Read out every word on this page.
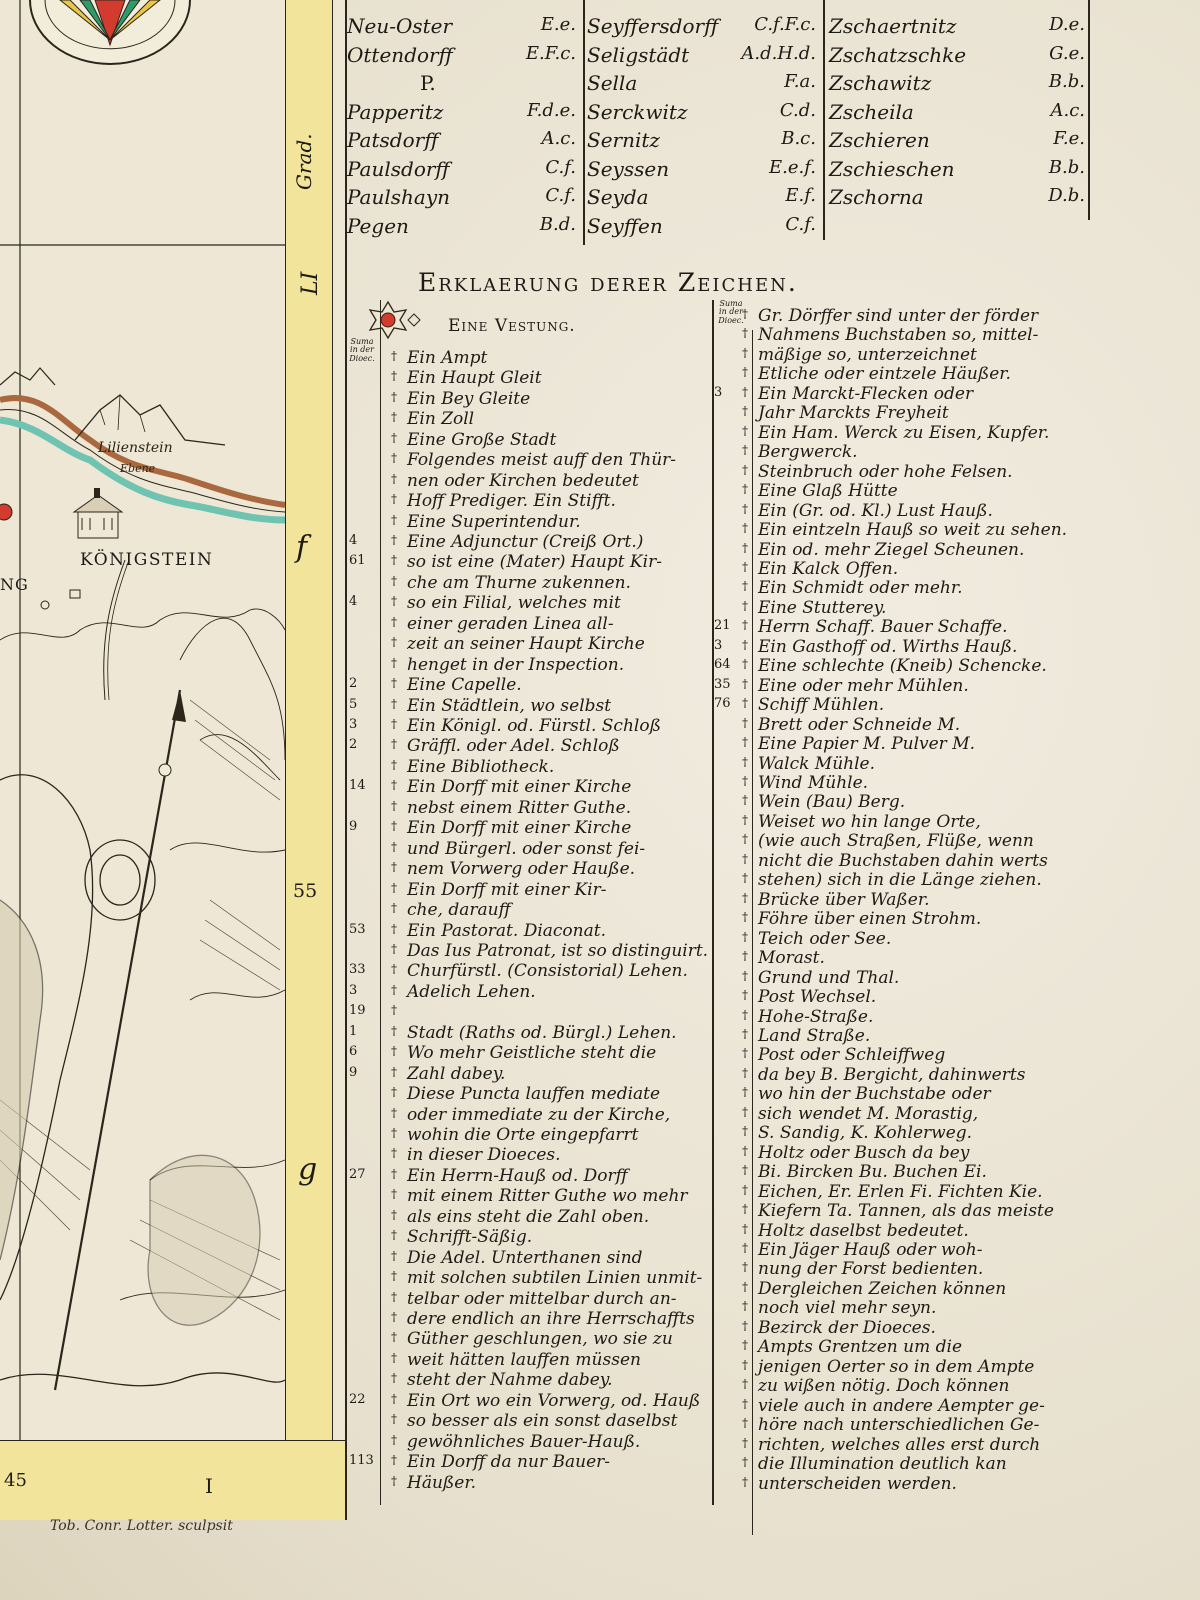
Grad.
LI
55
45
f
g
I
KÖNIGSTEIN
NG
Lilienstein
Ebene
Tob. Conr. Lotter. sculpsit
Neu-Oster	E.e.
Ottendorff	E.F.c.
P.
Papperitz	F.d.e.
Patsdorff	A.c.
Paulsdorff	C.f.
Paulshayn	C.f.
Pegen	B.d.
Seyffersdorff C.f.F.c.
Seligstädt	A.d.H.d.
Sella	F.a.
Serckwitz	C.d.
Sernitz	B.c.
Seyssen	E.e.f.
Seyda	E.f.
Seyffen	C.f.
Zschaertnitz	D.e.
Zschatzschke	G.e.
Zschawitz	B.b.
Zscheila	A.c.
Zschieren	F.e.
Zschieschen	B.b.
Zschorna	D.b.
Erklaerung derer Zeichen.
Eine Vestung.
Suma in der Dioec.
Suma in der Dioec.
† Ein Ampt
† Ein Haupt Gleit
† Ein Bey Gleite
† Ein Zoll
† Eine Große Stadt
† Folgendes meist auff den Thür-
† nen oder Kirchen bedeutet
† Hoff Prediger. Ein Stifft.
† Eine Superintendur.
4	† Eine Adjunctur (Creiß Ort.)
61 † so ist eine (Mater) Haupt Kir-
† che am Thurne zukennen.
4	† so ein Filial, welches mit
† einer geraden Linea all-
† zeit an seiner Haupt Kirche
† henget in der Inspection.
2	† Eine Capelle.
5	† Ein Städtlein, wo selbst
3	† Ein Königl. od. Fürstl. Schloß
2	† Gräffl. oder Adel. Schloß
† Eine Bibliotheck.
14 † Ein Dorff mit einer Kirche
† nebst einem Ritter Guthe.
9	† Ein Dorff mit einer Kirche
† und Bürgerl. oder sonst fei-
† nem Vorwerg oder Hauße.
† Ein Dorff mit einer Kir-
† che, darauff
53 † Ein Pastorat. Diaconat.
† Das Ius Patronat, ist so distinguirt.
33 † Churfürstl. (Consistorial) Lehen.
3	† Adelich Lehen.
19 †
1	† Stadt (Raths od. Bürgl.) Lehen.
6	† Wo mehr Geistliche steht die
9	† Zahl dabey.
† Diese Puncta lauffen mediate
† oder immediate zu der Kirche,
† wohin die Orte eingepfarrt
† in dieser Dioeces.
27 † Ein Herrn-Hauß od. Dorff
† mit einem Ritter Guthe wo mehr
† als eins steht die Zahl oben.
† Schrifft-Säßig.
† Die Adel. Unterthanen sind
† mit solchen subtilen Linien unmit-
† telbar oder mittelbar durch an-
† dere endlich an ihre Herrschaffts
† Güther geschlungen, wo sie zu
† weit hätten lauffen müssen
† steht der Nahme dabey.
22 † Ein Ort wo ein Vorwerg, od. Hauß
† so besser als ein sonst daselbst
† gewöhnliches Bauer-Hauß.
113 † Ein Dorff da nur Bauer-
† Häußer.
† Gr. Dörffer sind unter der förder
† Nahmens Buchstaben so, mittel-
† mäßige so, unterzeichnet
† Etliche oder eintzele Häußer.
3 † Ein Marckt-Flecken oder
† Jahr Marckts Freyheit
† Ein Ham. Werck zu Eisen, Kupfer.
† Bergwerck.
† Steinbruch oder hohe Felsen.
† Eine Glaß Hütte
† Ein (Gr. od. Kl.) Lust Hauß.
† Ein eintzeln Hauß so weit zu sehen.
† Ein od. mehr Ziegel Scheunen.
† Ein Kalck Offen.
† Ein Schmidt oder mehr.
† Eine Stutterey.
21 † Herrn Schaff. Bauer Schaffe.
3 † Ein Gasthoff od. Wirths Hauß.
64 † Eine schlechte (Kneib) Schencke.
35 † Eine oder mehr Mühlen.
76 † Schiff Mühlen.
† Brett oder Schneide M.
† Eine Papier M. Pulver M.
† Walck Mühle.
† Wind Mühle.
† Wein (Bau) Berg.
† Weiset wo hin lange Orte,
† (wie auch Straßen, Flüße, wenn
† nicht die Buchstaben dahin werts
† stehen) sich in die Länge ziehen.
† Brücke über Waßer.
† Föhre über einen Strohm.
† Teich oder See.
† Morast.
† Grund und Thal.
† Post Wechsel.
† Hohe-Straße.
† Land Straße.
† Post oder Schleiffweg
† da bey B. Bergicht, dahinwerts
† wo hin der Buchstabe oder
† sich wendet M. Morastig,
† S. Sandig, K. Kohlerweg.
† Holtz oder Busch da bey
† Bi. Bircken Bu. Buchen Ei.
† Eichen, Er. Erlen Fi. Fichten Kie.
† Kiefern Ta. Tannen, als das meiste
† Holtz daselbst bedeutet.
† Ein Jäger Hauß oder woh-
† nung der Forst bedienten.
† Dergleichen Zeichen können
† noch viel mehr seyn.
† Bezirck der Dioeces.
† Ampts Grentzen um die
† jenigen Oerter so in dem Ampte
† zu wißen nötig. Doch können
† viele auch in andere Aempter ge-
† höre nach unterschiedlichen Ge-
† richten, welches alles erst durch
† die Illumination deutlich kan
† unterscheiden werden.
